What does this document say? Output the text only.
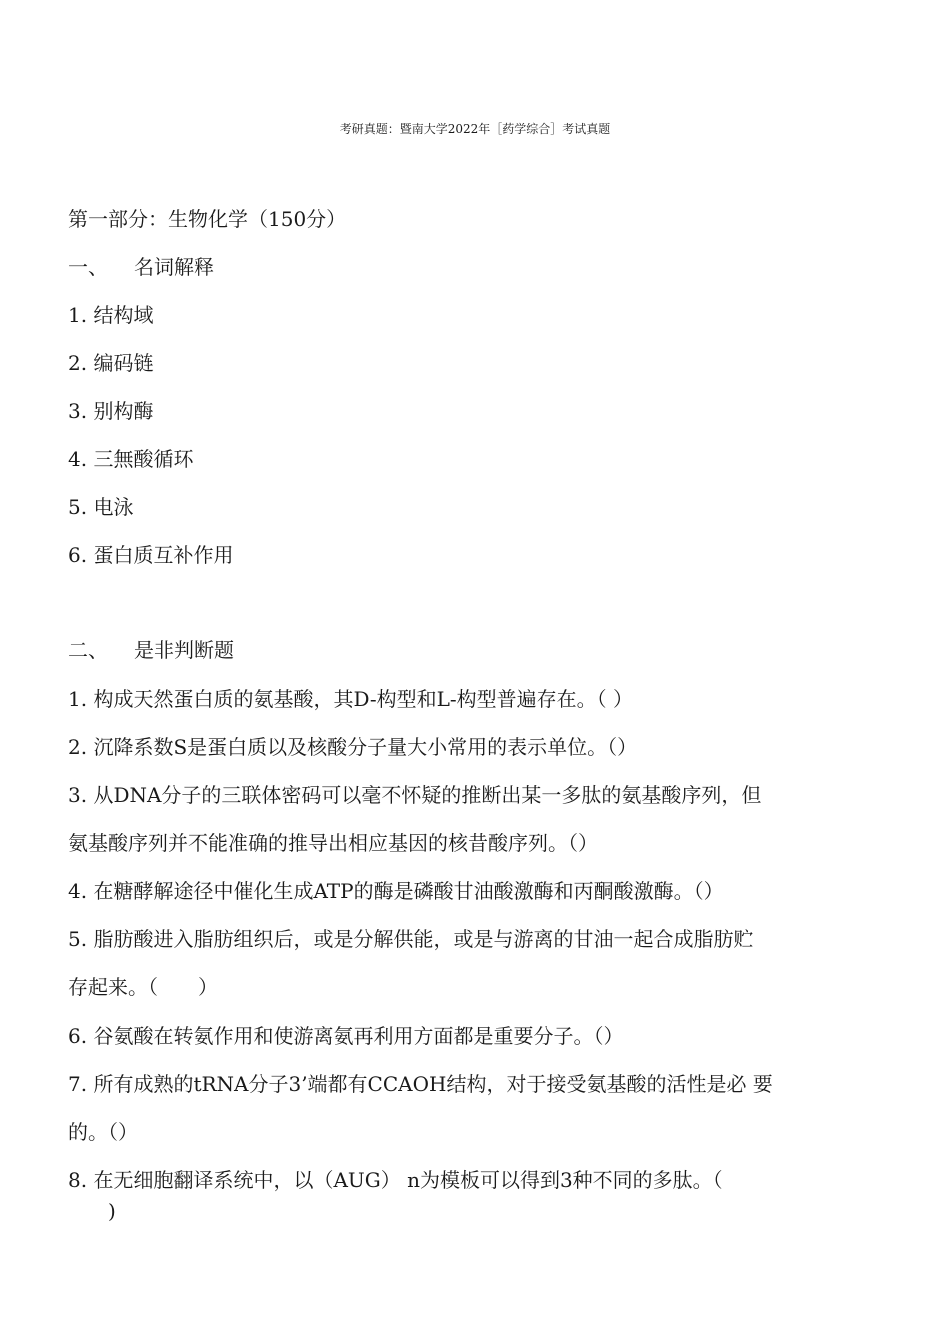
考研真题：暨南大学2022年［药学综合］考试真题
第一部分：生物化学（150分）
一、 名词解释
1. 结构域
2. 编码链
3. 别构酶
4. 三無酸循环
5. 电泳
6. 蛋白质互补作用
二、 是非判断题
1. 构成天然蛋白质的氨基酸，其D-构型和L-构型普遍存在。（ ）
2. 沉降系数S是蛋白质以及核酸分子量大小常用的表示单位。（）
3. 从DNA分子的三联体密码可以毫不怀疑的推断出某一多肽的氨基酸序列，但
氨基酸序列并不能准确的推导出相应基因的核昔酸序列。（）
4. 在糖酵解途径中催化生成ATP的酶是磷酸甘油酸激酶和丙酮酸激酶。（）
5. 脂肪酸进入脂肪组织后，或是分解供能，或是与游离的甘油一起合成脂肪贮
存起来。（　　）
6. 谷氨酸在转氨作用和使游离氨再利用方面都是重要分子。（）
7. 所有成熟的tRNA分子3’端都有CCAOH结构，对于接受氨基酸的活性是必 要
的。（）
8. 在无细胞翻译系统中，以（AUG） n为模板可以得到3种不同的多肽。（
　　)
